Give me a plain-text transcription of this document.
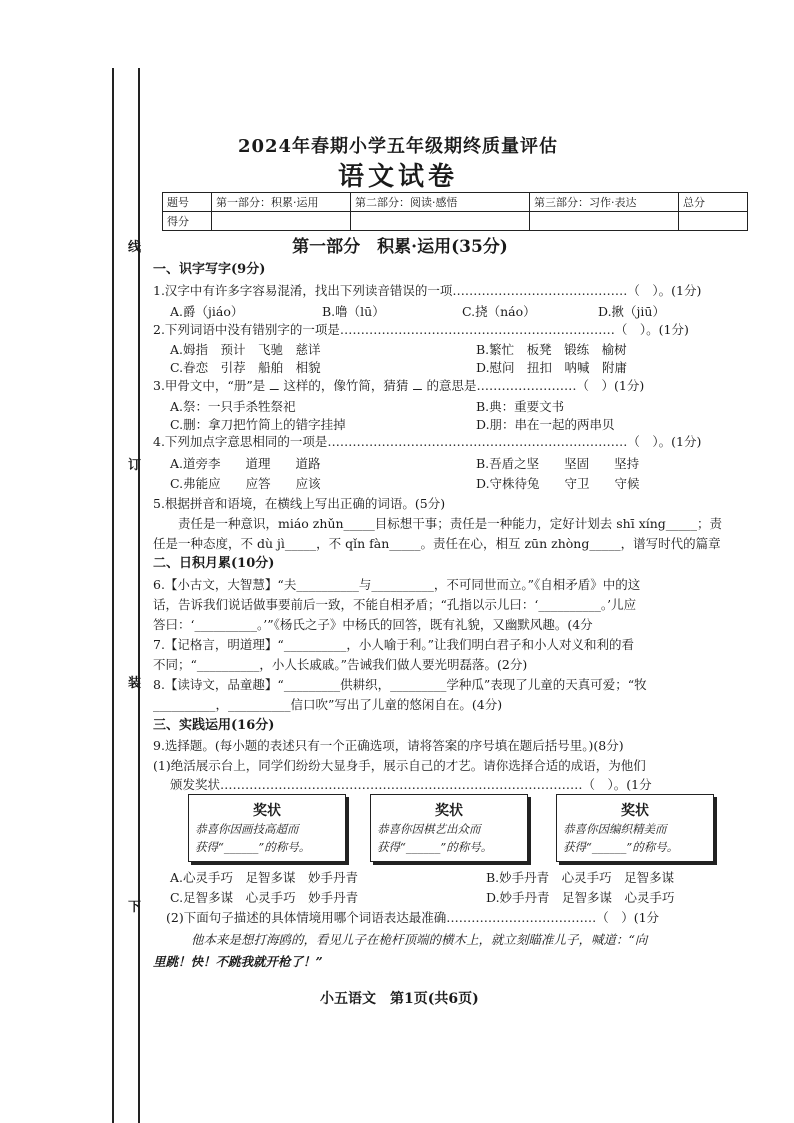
线
订
装
下
2024年春期小学五年级期终质量评估
语文试卷
题号	第一部分：积累·运用	第二部分：阅读·感悟	第三部分：习作·表达	总分
得分				
第一部分　积累·运用(35分)
一、识字写字(9分)
1.汉字中有许多字容易混淆，找出下列读音错误的一项……………………………………（　）。(1分)
A.爵（jiáo）	B.噜（lū）	C.挠（náo）	D.揪（jiū）
2.下列词语中没有错别字的一项是…………………………………………………………（　）。(1分)
A.姆指　预计　飞驰　慈详	B.繁忙　板凳　锻练　榆树
C.眷恋　引荐　船舶　相貌	D.慰问　扭扣　呐喊　附庸
3.甲骨文中，“册”是 𝍠 这样的，像竹简，猜猜 𝍠 的意思是……………………（　）(1分)
A.祭：一只手杀牲祭祀	B.典：重要文书
C.删：拿刀把竹简上的错字挂掉	D.朋：串在一起的两串贝
4.下列加点字意思相同的一项是………………………………………………………………（　）。(1分)
A.道旁李　　道理　　道路	B.吾盾之坚　　坚固　　坚持
C.弗能应　　应答　　应该	D.守株待兔　　守卫　　守候
5.根据拼音和语境，在横线上写出正确的词语。(5分)
　　责任是一种意识，miáo zhǔn_____目标想干事；责任是一种能力，定好计划去 shī xíng_____；责
任是一种态度，不 dù jì_____，不 qǐn fàn_____。责任在心，相互 zūn zhòng_____，谱写时代的篇章
二、日积月累(10分)
6.【小古文，大智慧】“夫__________与__________，不可同世而立。”《自相矛盾》中的这
话，告诉我们说话做事要前后一致，不能自相矛盾；“孔指以示儿曰：‘__________。’儿应
答曰：‘__________。’”《杨氏之子》中杨氏的回答，既有礼貌，又幽默风趣。(4分
7.【记格言，明道理】“__________，小人喻于利。”让我们明白君子和小人对义和利的看
不同；“__________，小人长戚戚。”告诫我们做人要光明磊落。(2分)
8.【读诗文，品童趣】“_________供耕织，_________学种瓜”表现了儿童的天真可爱；“牧
__________，__________信口吹”写出了儿童的悠闲自在。(4分)
三、实践运用(16分)
9.选择题。(每小题的表述只有一个正确选项，请将答案的序号填在题后括号里。)(8分)
(1)绝活展示台上，同学们纷纷大显身手，展示自己的才艺。请你选择合适的成语，为他们
颁发奖状……………………………………………………………………………（　）。(1分
奖状
恭喜你因画技高超而
获得“______”的称号。
奖状
恭喜你因棋艺出众而
获得“______”的称号。
奖状
恭喜你因编织精美而
获得“______”的称号。
A.心灵手巧　足智多谋　妙手丹青	B.妙手丹青　心灵手巧　足智多谋
C.足智多谋　心灵手巧　妙手丹青	D.妙手丹青　足智多谋　心灵手巧
(2)下面句子描述的具体情境用哪个词语表达最准确………………………………（　）(1分
　　他本来是想打海鸥的，看见儿子在桅杆顶端的横木上，就立刻瞄准儿子，喊道：“向
里跳！快！不跳我就开枪了！”
小五语文　第1页(共6页)
